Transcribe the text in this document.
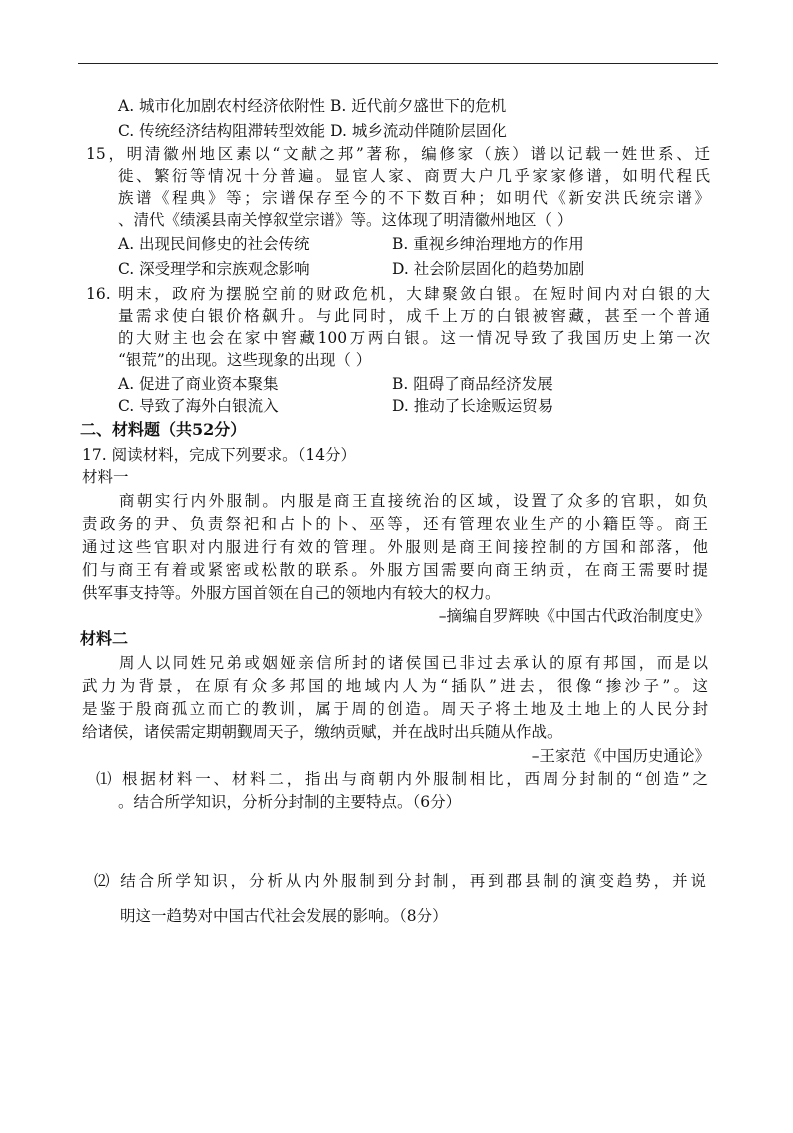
A. 城市化加剧农村经济依附性 B. 近代前夕盛世下的危机
C. 传统经济结构阻滞转型效能 D. 城乡流动伴随阶层固化
15，明清徽州地区素以“文献之邦”著称，编修家（族）谱以记载一姓世系、迁
徙、繁衍等情况十分普遍。显宦人家、商贾大户几乎家家修谱，如明代程氏
族谱《程典》等；宗谱保存至今的不下数百种；如明代《新安洪氏统宗谱》
、清代《绩溪县南关惇叙堂宗谱》等。这体现了明清徽州地区（ ）
A. 出现民间修史的社会传统	B. 重视乡绅治理地方的作用
C. 深受理学和宗族观念影响	D. 社会阶层固化的趋势加剧
16. 明末，政府为摆脱空前的财政危机，大肆聚敛白银。在短时间内对白银的大
量需求使白银价格飙升。与此同时，成千上万的白银被窖藏，甚至一个普通
的大财主也会在家中窖藏100万两白银。这一情况导致了我国历史上第一次
“银荒”的出现。这些现象的出现（ ）
A. 促进了商业资本聚集	B. 阻碍了商品经济发展
C. 导致了海外白银流入	D. 推动了长途贩运贸易
二、材料题（共52分）
17. 阅读材料，完成下列要求。（14分）
材料一
商朝实行内外服制。内服是商王直接统治的区域，设置了众多的官职，如负
责政务的尹、负责祭祀和占卜的卜、巫等，还有管理农业生产的小籍臣等。商王
通过这些官职对内服进行有效的管理。外服则是商王间接控制的方国和部落，他
们与商王有着或紧密或松散的联系。外服方国需要向商王纳贡，在商王需要时提
供军事支持等。外服方国首领在自己的领地内有较大的权力。
–摘编自罗辉映《中国古代政治制度史》
材料二
周人以同姓兄弟或姻娅亲信所封的诸侯国已非过去承认的原有邦国，而是以
武力为背景，在原有众多邦国的地域内人为“插队”进去，很像“掺沙子”。这
是鉴于殷商孤立而亡的教训，属于周的创造。周天子将土地及土地上的人民分封
给诸侯，诸侯需定期朝觐周天子，缴纳贡赋，并在战时出兵随从作战。
–王家范《中国历史通论》
⑴ 根据材料一、材料二，指出与商朝内外服制相比，西周分封制的“创造”之
。结合所学知识，分析分封制的主要特点。（6分）
⑵ 结合所学知识，分析从内外服制到分封制，再到郡县制的演变趋势，并说
明这一趋势对中国古代社会发展的影响。（8分）
